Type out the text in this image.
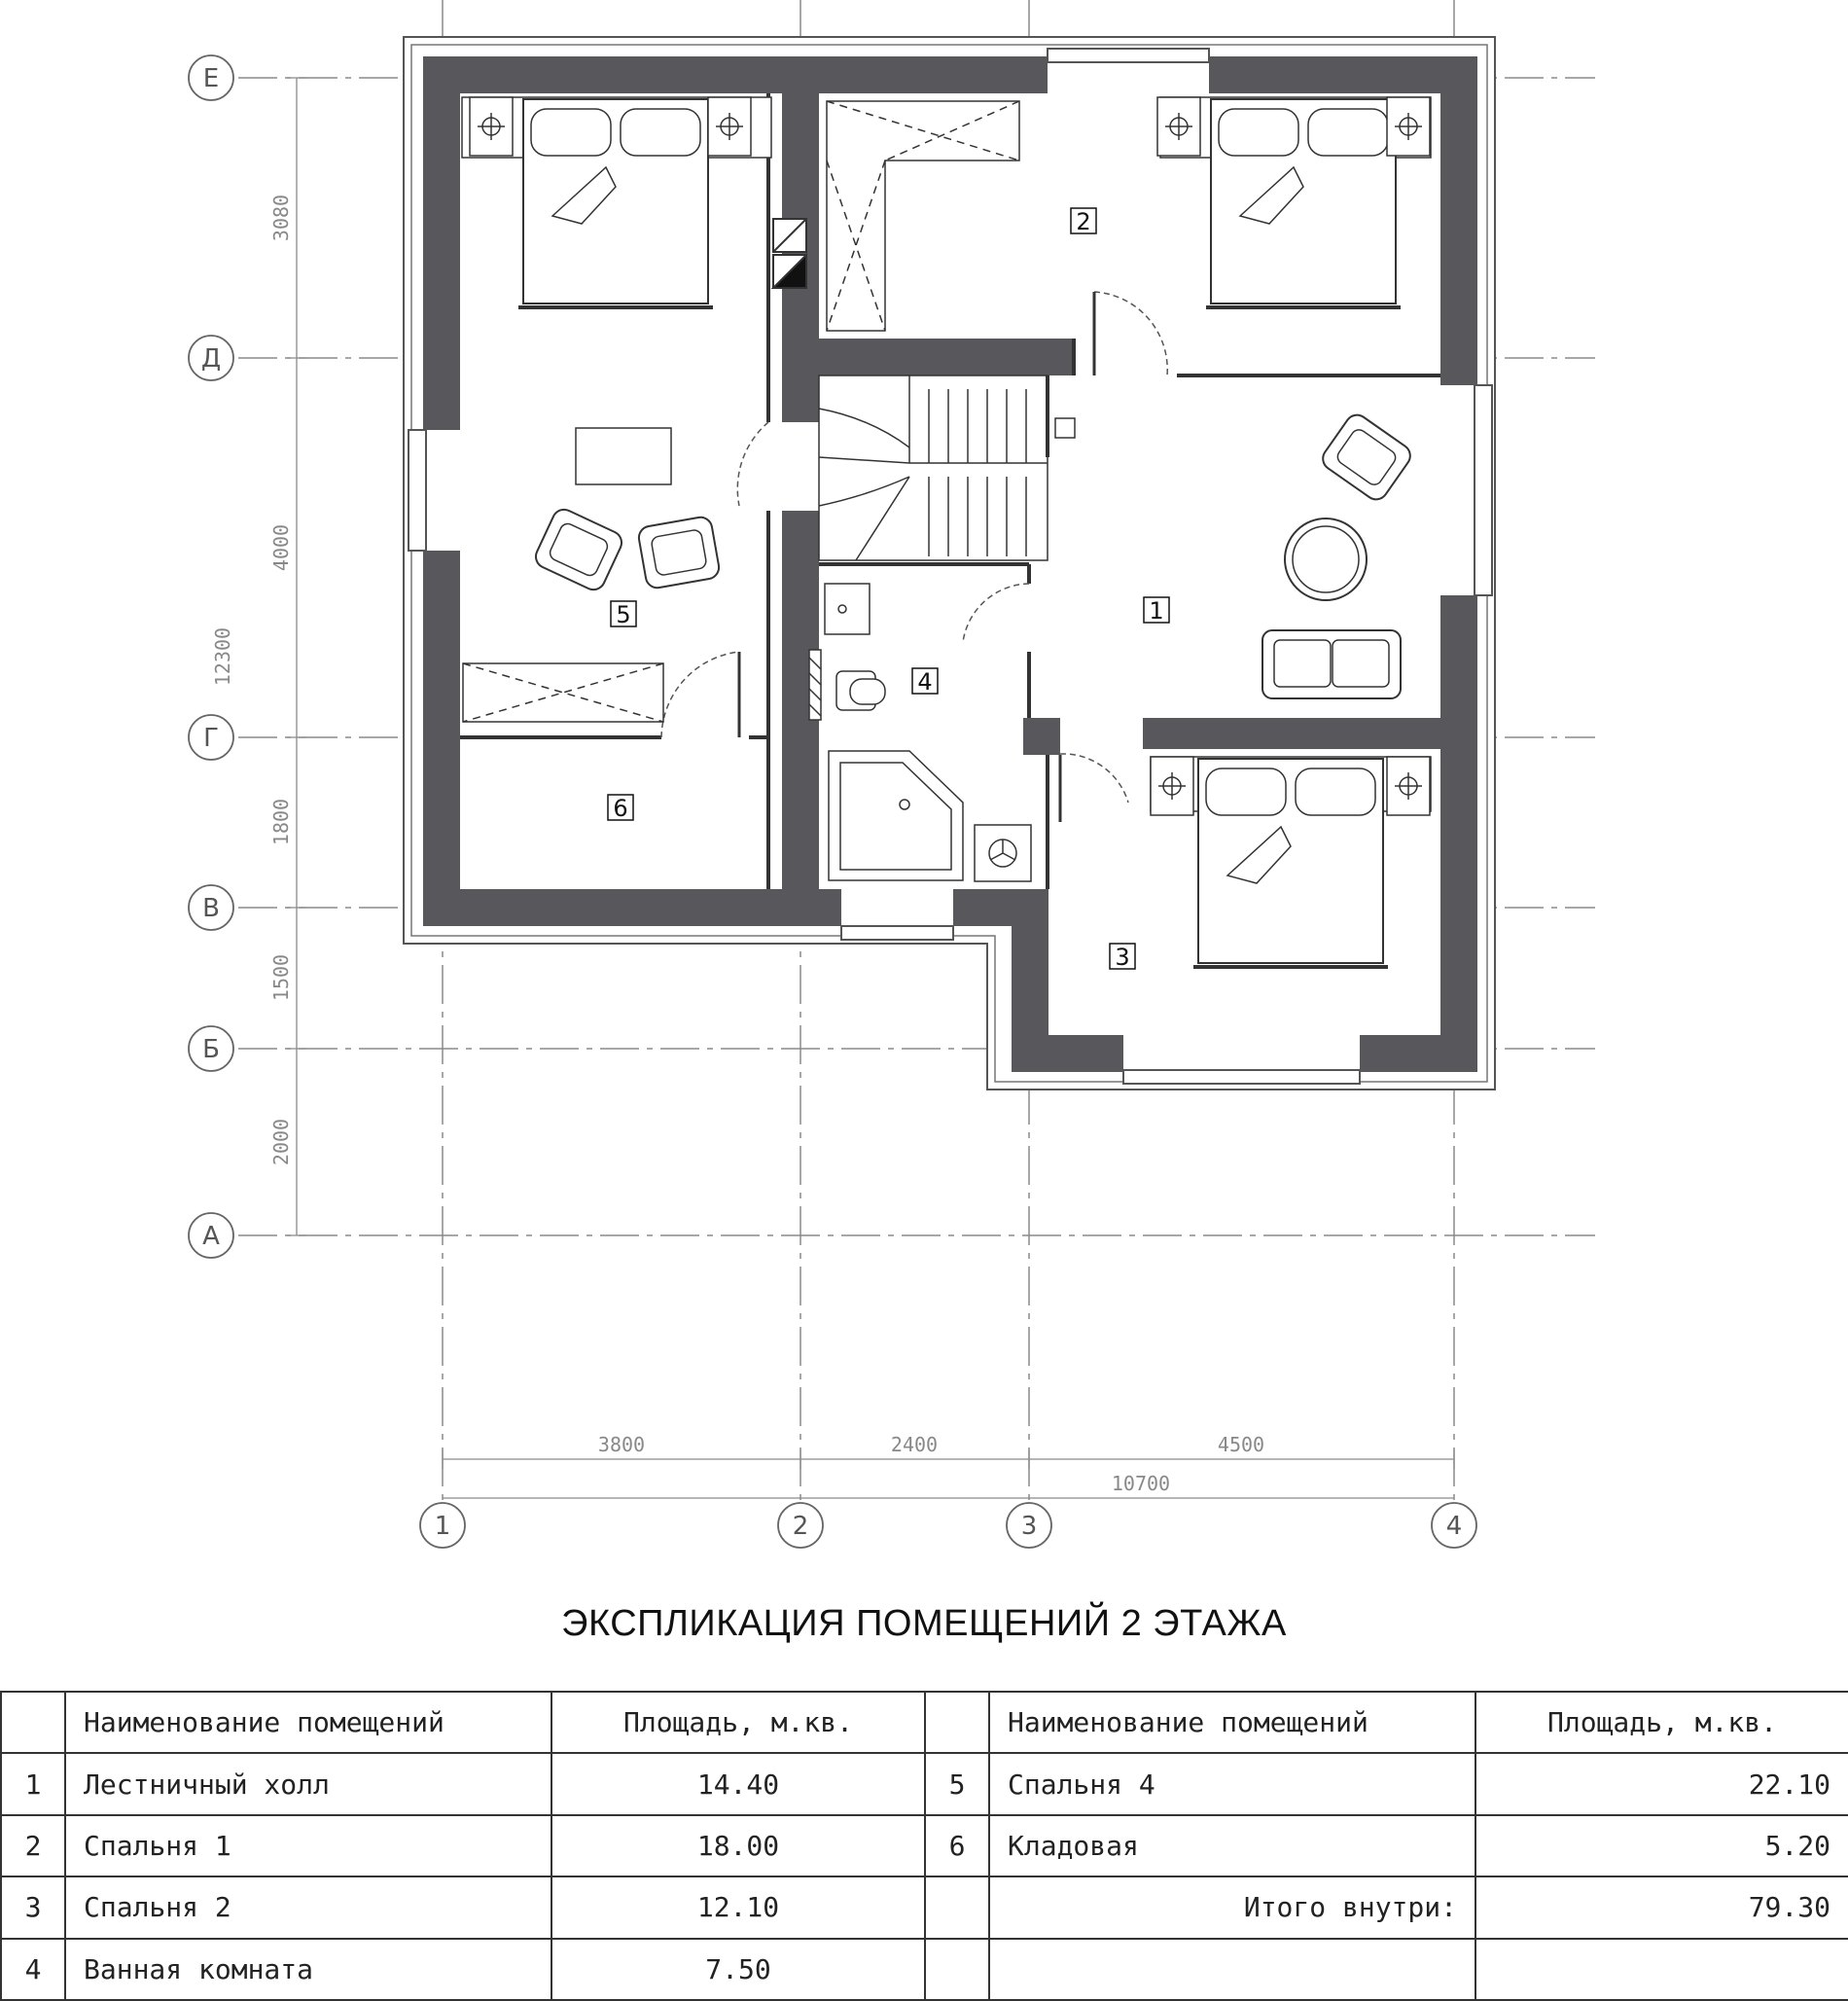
Е
Д
Г
В
Б
А
1	2	3	4
3080
4000
1800
1500
2000
12300
3800	2400	4500
10700
1
2
3
4
5
6
ЭКСПЛИКАЦИЯ ПОМЕЩЕНИЙ 2 ЭТАЖА
	Наименование помещений	Площадь, м.кв.		Наименование помещений	Площадь, м.кв.
1	Лестничный холл	14.40	5	Спальня 4	22.10
2	Спальня 1	18.00	6	Кладовая	5.20
3	Спальня 2	12.10		Итого внутри:	79.30
4	Ванная комната	7.50			
